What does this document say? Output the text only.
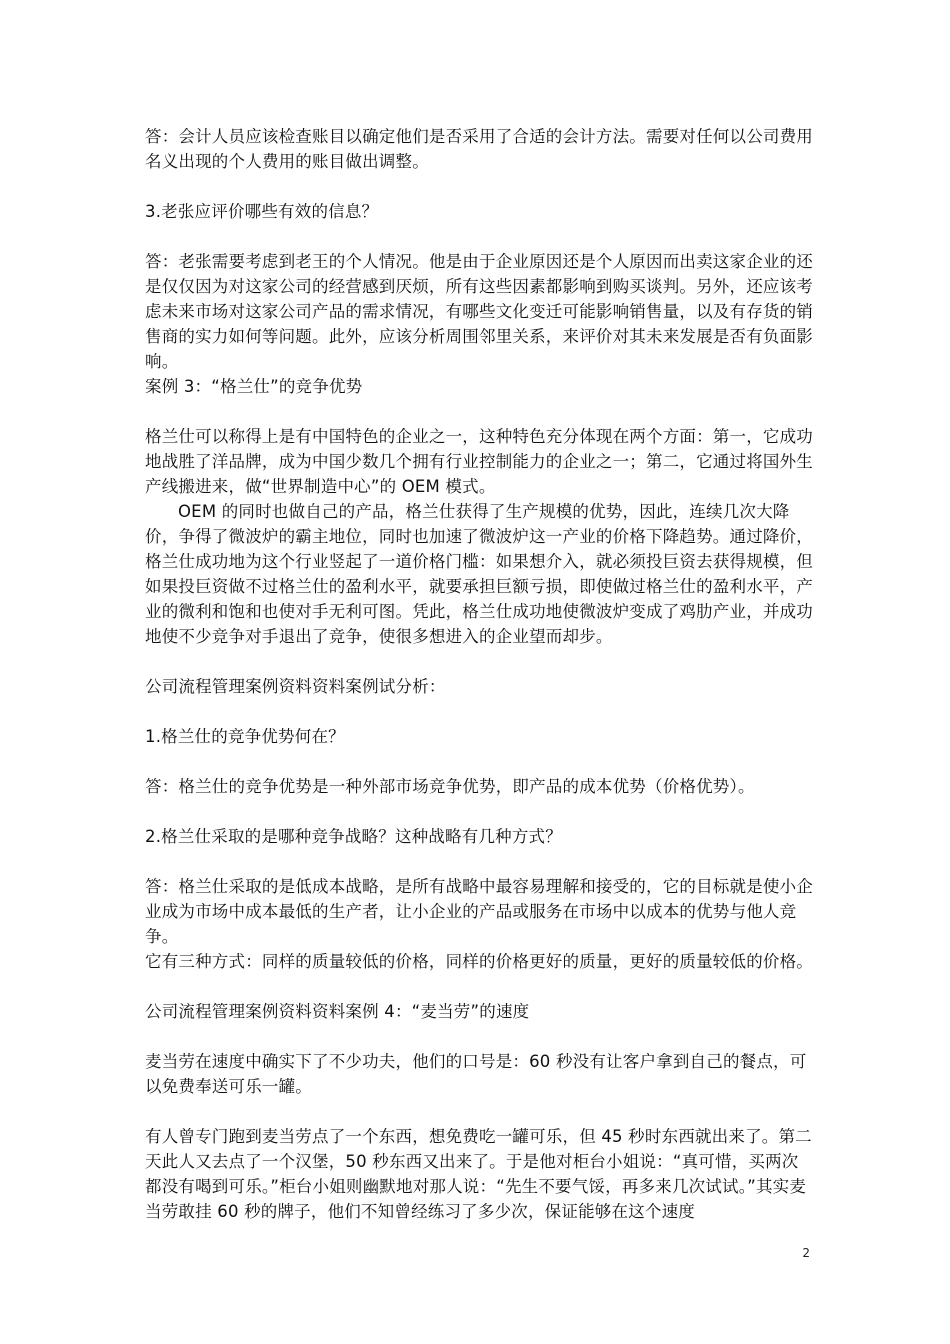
答：会计人员应该检查账目以确定他们是否采用了合适的会计方法。需要对任何以公司费用名义出现的个人费用的账目做出调整。

3.老张应评价哪些有效的信息？

答：老张需要考虑到老王的个人情况。他是由于企业原因还是个人原因而出卖这家企业的还是仅仅因为对这家公司的经营感到厌烦，所有这些因素都影响到购买谈判。另外，还应该考虑未来市场对这家公司产品的需求情况，有哪些文化变迁可能影响销售量，以及有存货的销售商的实力如何等问题。此外，应该分析周围邻里关系，来评价对其未来发展是否有负面影响。

案例 3：“格兰仕”的竞争优势

格兰仕可以称得上是有中国特色的企业之一，这种特色充分体现在两个方面：第一，它成功地战胜了洋品牌，成为中国少数几个拥有行业控制能力的企业之一；第二，它通过将国外生产线搬进来，做“世界制造中心”的 OEM 模式。

OEM 的同时也做自己的产品，格兰仕获得了生产规模的优势，因此，连续几次大降价，争得了微波炉的霸主地位，同时也加速了微波炉这一产业的价格下降趋势。通过降价，格兰仕成功地为这个行业竖起了一道价格门槛：如果想介入，就必须投巨资去获得规模，但如果投巨资做不过格兰仕的盈利水平，就要承担巨额亏损，即使做过格兰仕的盈利水平，产业的微利和饱和也使对手无利可图。凭此，格兰仕成功地使微波炉变成了鸡肋产业，并成功地使不少竞争对手退出了竞争，使很多想进入的企业望而却步。

公司流程管理案例资料资料案例试分析：

1.格兰仕的竞争优势何在？

答：格兰仕的竞争优势是一种外部市场竞争优势，即产品的成本优势（价格优势）。

2.格兰仕采取的是哪种竞争战略？这种战略有几种方式？

答：格兰仕采取的是低成本战略，是所有战略中最容易理解和接受的，它的目标就是使小企业成为市场中成本最低的生产者，让小企业的产品或服务在市场中以成本的优势与他人竞争。

它有三种方式：同样的质量较低的价格，同样的价格更好的质量，更好的质量较低的价格。

公司流程管理案例资料资料案例 4：“麦当劳”的速度

麦当劳在速度中确实下了不少功夫，他们的口号是：60 秒没有让客户拿到自己的餐点，可以免费奉送可乐一罐。

有人曾专门跑到麦当劳点了一个东西，想免费吃一罐可乐，但 45 秒时东西就出来了。第二天此人又去点了一个汉堡，50 秒东西又出来了。于是他对柜台小姐说：“真可惜，买两次都没有喝到可乐。”柜台小姐则幽默地对那人说：“先生不要气馁，再多来几次试试。”其实麦当劳敢挂 60 秒的牌子，他们不知曾经练习了多少次，保证能够在这个速度

2
